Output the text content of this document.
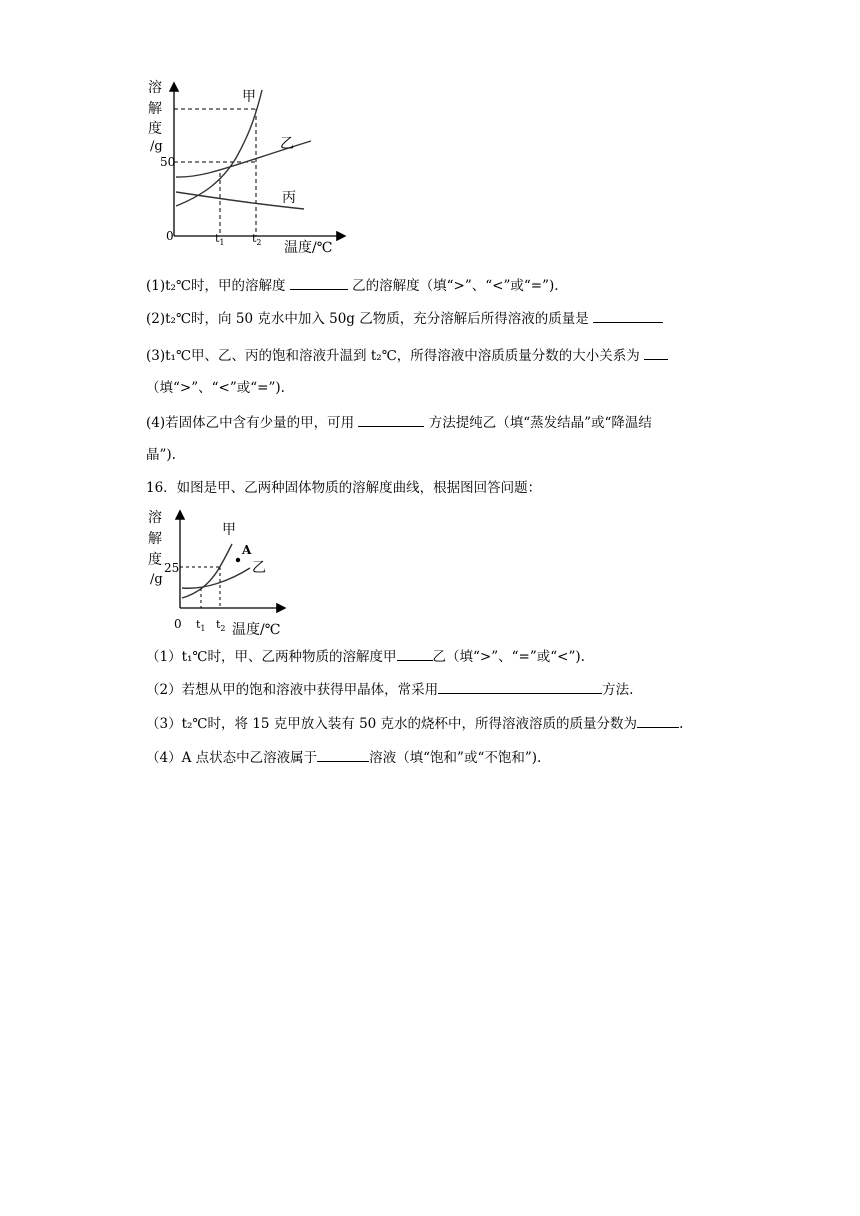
溶
解
度
/g
50
0	$t_1$ $t_2$ 温度/℃
甲
乙
丙
(1)t₂℃时，甲的溶解度	乙的溶解度（填“>”、“<”或“=”).
(2)t₂℃时，向 50 克水中加入 50g 乙物质，充分溶解后所得溶液的质量是
(3)t₁℃甲、乙、丙的饱和溶液升温到 t₂℃，所得溶液中溶质质量分数的大小关系为
（填“>”、“<”或“=”).
(4)若固体乙中含有少量的甲，可用	方法提纯乙（填“蒸发结晶”或“降温结
晶”).
16．如图是甲、乙两种固体物质的溶解度曲线，根据图回答问题：
溶
解
度
/g
25
0 $t_1$ $t_2$ 温度/℃
A
甲
乙
（1）t₁℃时，甲、乙两种物质的溶解度甲	乙（填“>”、“=”或“<”).
（2）若想从甲的饱和溶液中获得甲晶体，常采用	方法.
（3）t₂℃时，将 15 克甲放入装有 50 克水的烧杯中，所得溶液溶质的质量分数为	.
（4）A 点状态中乙溶液属于	溶液（填“饱和”或“不饱和”).
